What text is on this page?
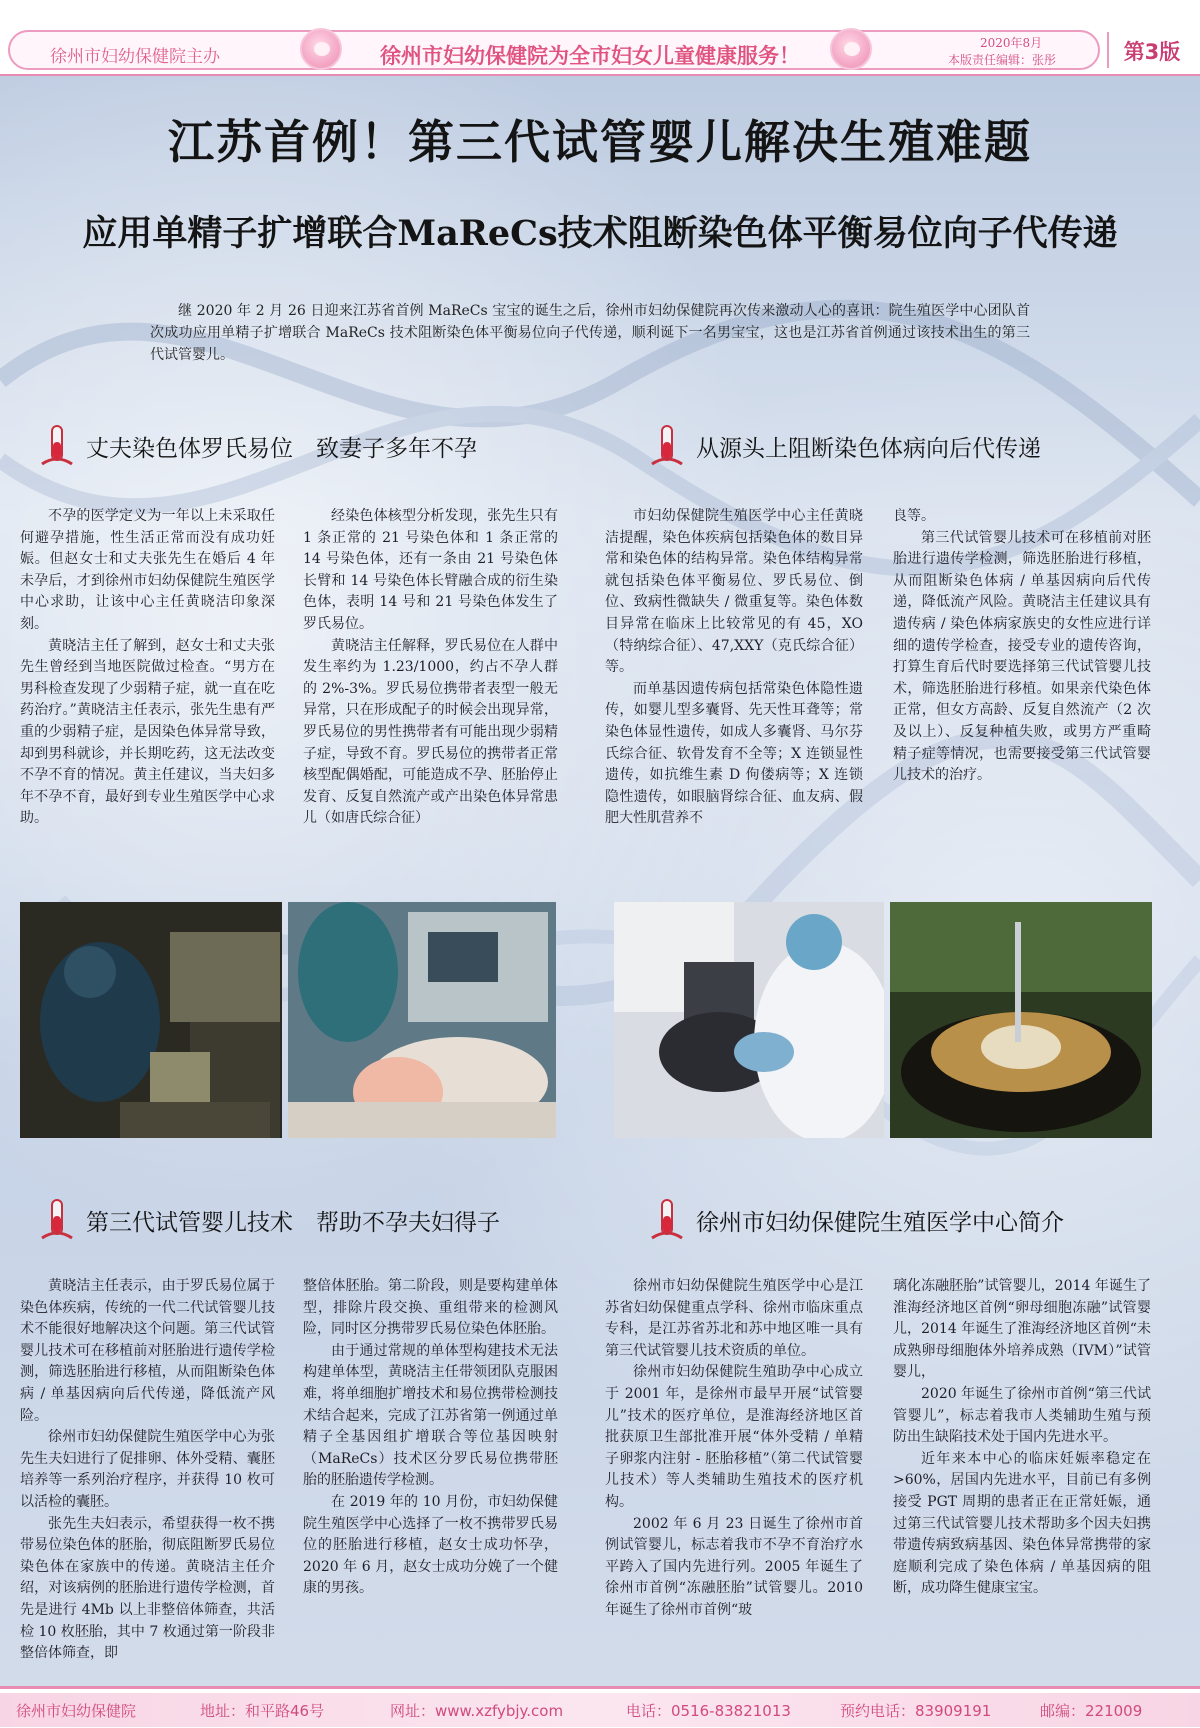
徐州市妇幼保健院主办	徐州市妇幼保健院为全市妇女儿童健康服务！
2020年8月
本版责任编辑：张彤	第3版
江苏首例！第三代试管婴儿解决生殖难题
应用单精子扩增联合MaReCs技术阻断染色体平衡易位向子代传递

继 2020 年 2 月 26 日迎来江苏省首例 MaReCs 宝宝的诞生之后，徐州市妇幼保健院再次传来激动人心的喜讯：院生殖医学中心团队首次成功应用单精子扩增联合 MaReCs 技术阻断染色体平衡易位向子代传递，顺利诞下一名男宝宝，这也是江苏省首例通过该技术出生的第三代试管婴儿。

丈夫染色体罗氏易位　致妻子多年不孕

不孕的医学定义为一年以上未采取任何避孕措施，性生活正常而没有成功妊娠。但赵女士和丈夫张先生在婚后 4 年未孕后，才到徐州市妇幼保健院生殖医学中心求助，让该中心主任黄晓洁印象深刻。

黄晓洁主任了解到，赵女士和丈夫张先生曾经到当地医院做过检查。“男方在男科检查发现了少弱精子症，就一直在吃药治疗。”黄晓洁主任表示，张先生患有严重的少弱精子症，是因染色体异常导致，却到男科就诊，并长期吃药，这无法改变不孕不育的情况。黄主任建议，当夫妇多年不孕不育，最好到专业生殖医学中心求助。

经染色体核型分析发现，张先生只有 1 条正常的 21 号染色体和 1 条正常的 14 号染色体，还有一条由 21 号染色体长臂和 14 号染色体长臂融合成的衍生染色体，表明 14 号和 21 号染色体发生了罗氏易位。

黄晓洁主任解释，罗氏易位在人群中发生率约为 1.23/1000，约占不孕人群的 2%-3%。罗氏易位携带者表型一般无异常，只在形成配子的时候会出现异常，罗氏易位的男性携带者有可能出现少弱精子症，导致不育。罗氏易位的携带者正常核型配偶婚配，可能造成不孕、胚胎停止发育、反复自然流产或产出染色体异常患儿（如唐氏综合征）

从源头上阻断染色体病向后代传递

市妇幼保健院生殖医学中心主任黄晓洁提醒，染色体疾病包括染色体的数目异常和染色体的结构异常。染色体结构异常就包括染色体平衡易位、罗氏易位、倒位、致病性微缺失 / 微重复等。染色体数目异常在临床上比较常见的有 45，XO（特纳综合征）、47,XXY（克氏综合征）等。

而单基因遗传病包括常染色体隐性遗传，如婴儿型多囊肾、先天性耳聋等；常染色体显性遗传，如成人多囊肾、马尔芬氏综合征、软骨发育不全等；X 连锁显性遗传，如抗维生素 D 佝偻病等；X 连锁隐性遗传，如眼脑肾综合征、血友病、假肥大性肌营养不

良等。

第三代试管婴儿技术可在移植前对胚胎进行遗传学检测，筛选胚胎进行移植，从而阻断染色体病 / 单基因病向后代传递，降低流产风险。黄晓洁主任建议具有遗传病 / 染色体病家族史的女性应进行详细的遗传学检查，接受专业的遗传咨询，打算生育后代时要选择第三代试管婴儿技术，筛选胚胎进行移植。如果亲代染色体正常，但女方高龄、反复自然流产（2 次及以上）、反复种植失败，或男方严重畸精子症等情况，也需要接受第三代试管婴儿技术的治疗。

第三代试管婴儿技术　帮助不孕夫妇得子

黄晓洁主任表示，由于罗氏易位属于染色体疾病，传统的一代二代试管婴儿技术不能很好地解决这个问题。第三代试管婴儿技术可在移植前对胚胎进行遗传学检测，筛选胚胎进行移植，从而阻断染色体病 / 单基因病向后代传递，降低流产风险。

徐州市妇幼保健院生殖医学中心为张先生夫妇进行了促排卵、体外受精、囊胚培养等一系列治疗程序，并获得 10 枚可以活检的囊胚。

张先生夫妇表示，希望获得一枚不携带易位染色体的胚胎，彻底阻断罗氏易位染色体在家族中的传递。黄晓洁主任介绍，对该病例的胚胎进行遗传学检测，首先是进行 4Mb 以上非整倍体筛查，共活检 10 枚胚胎，其中 7 枚通过第一阶段非整倍体筛查，即

整倍体胚胎。第二阶段，则是要构建单体型，排除片段交换、重组带来的检测风险，同时区分携带罗氏易位染色体胚胎。

由于通过常规的单体型构建技术无法构建单体型，黄晓洁主任带领团队克服困难，将单细胞扩增技术和易位携带检测技术结合起来，完成了江苏省第一例通过单精子全基因组扩增联合等位基因映射（MaReCs）技术区分罗氏易位携带胚胎的胚胎遗传学检测。

在 2019 年的 10 月份，市妇幼保健院生殖医学中心选择了一枚不携带罗氏易位的胚胎进行移植，赵女士成功怀孕，2020 年 6 月，赵女士成功分娩了一个健康的男孩。

徐州市妇幼保健院生殖医学中心简介

徐州市妇幼保健院生殖医学中心是江苏省妇幼保健重点学科、徐州市临床重点专科，是江苏省苏北和苏中地区唯一具有第三代试管婴儿技术资质的单位。

徐州市妇幼保健院生殖助孕中心成立于 2001 年，是徐州市最早开展“试管婴儿”技术的医疗单位，是淮海经济地区首批获原卫生部批准开展“体外受精 / 单精子卵浆内注射 - 胚胎移植”（第二代试管婴儿技术）等人类辅助生殖技术的医疗机构。

2002 年 6 月 23 日诞生了徐州市首例试管婴儿，标志着我市不孕不育治疗水平跨入了国内先进行列。2005 年诞生了徐州市首例“冻融胚胎”试管婴儿。2010 年诞生了徐州市首例“玻

璃化冻融胚胎”试管婴儿，2014 年诞生了淮海经济地区首例“卵母细胞冻融”试管婴儿，2014 年诞生了淮海经济地区首例“未成熟卵母细胞体外培养成熟（IVM）”试管婴儿，

2020 年诞生了徐州市首例“第三代试管婴儿”，标志着我市人类辅助生殖与预防出生缺陷技术处于国内先进水平。

近年来本中心的临床妊娠率稳定在 >60%，居国内先进水平，目前已有多例接受 PGT 周期的患者正在正常妊娠，通过第三代试管婴儿技术帮助多个因夫妇携带遗传病致病基因、染色体异常携带的家庭顺利完成了染色体病 / 单基因病的阻断，成功降生健康宝宝。

徐州市妇幼保健院	地址：和平路46号	网址：www.xzfybjy.com	电话：0516-83821013	预约电话：83909191	邮编：221009
